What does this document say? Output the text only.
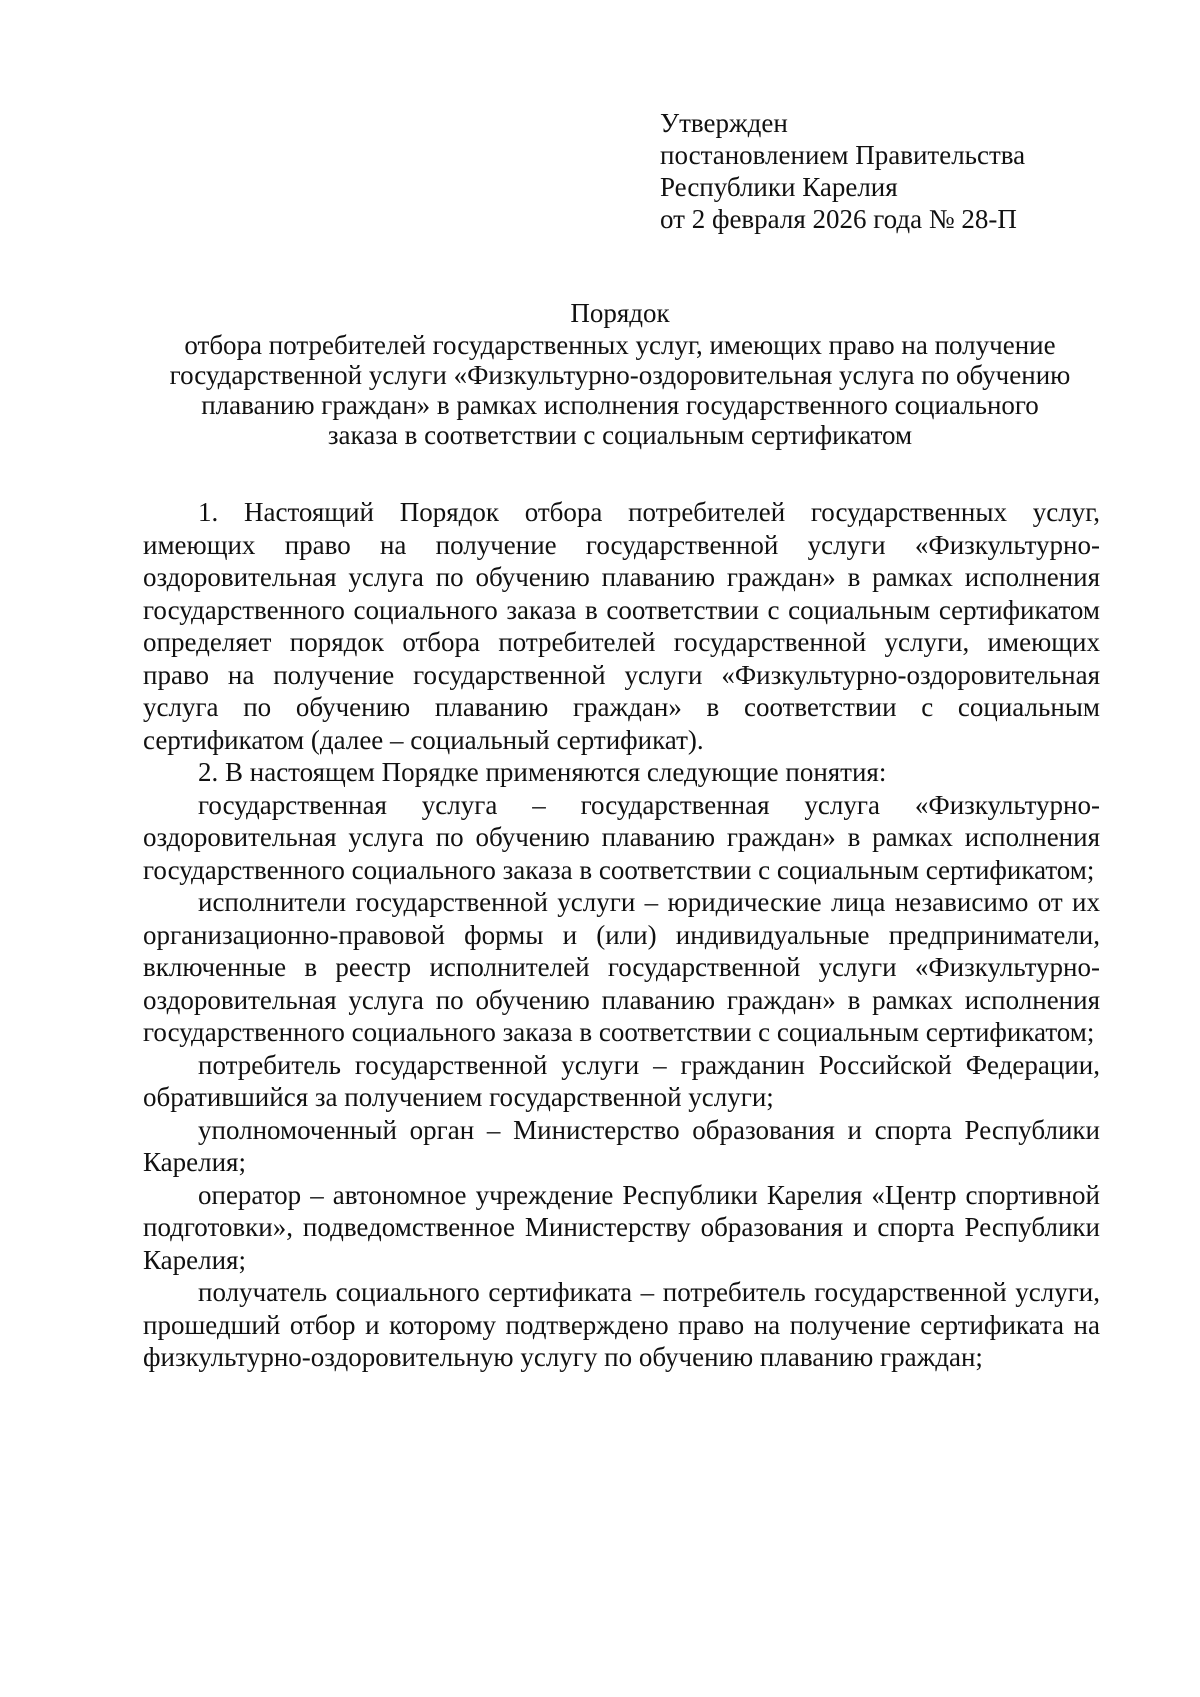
Утвержден
постановлением Правительства
Республики Карелия
от 2 февраля 2026 года № 28-П
Порядок
отбора потребителей государственных услуг, имеющих право на получение
государственной услуги «Физкультурно-оздоровительная услуга по обучению
плаванию граждан» в рамках исполнения государственного социального
заказа в соответствии с социальным сертификатом

1. Настоящий Порядок отбора потребителей государственных услуг, имеющих право на получение государственной услуги «Физкультурно-оздоровительная услуга по обучению плаванию граждан» в рамках исполнения государственного социального заказа в соответствии с социальным сертификатом определяет порядок отбора потребителей государственной услуги, имеющих право на получение государственной услуги «Физкультурно-оздоровительная услуга по обучению плаванию граждан» в соответствии с социальным сертификатом (далее – социальный сертификат).

2. В настоящем Порядке применяются следующие понятия:

государственная услуга – государственная услуга «Физкультурно-оздоровительная услуга по обучению плаванию граждан» в рамках исполнения государственного социального заказа в соответствии с социальным сертификатом;

исполнители государственной услуги – юридические лица независимо от их организационно-правовой формы и (или) индивидуальные предприниматели, включенные в реестр исполнителей государственной услуги «Физкультурно-оздоровительная услуга по обучению плаванию граждан» в рамках исполнения государственного социального заказа в соответствии с социальным сертификатом;

потребитель государственной услуги – гражданин Российской Федерации, обратившийся за получением государственной услуги;

уполномоченный орган – Министерство образования и спорта Республики Карелия;

оператор – автономное учреждение Республики Карелия «Центр спортивной подготовки», подведомственное Министерству образования и спорта Республики Карелия;

получатель социального сертификата – потребитель государственной услуги, прошедший отбор и которому подтверждено право на получение сертификата на физкультурно-оздоровительную услугу по обучению плаванию граждан;
